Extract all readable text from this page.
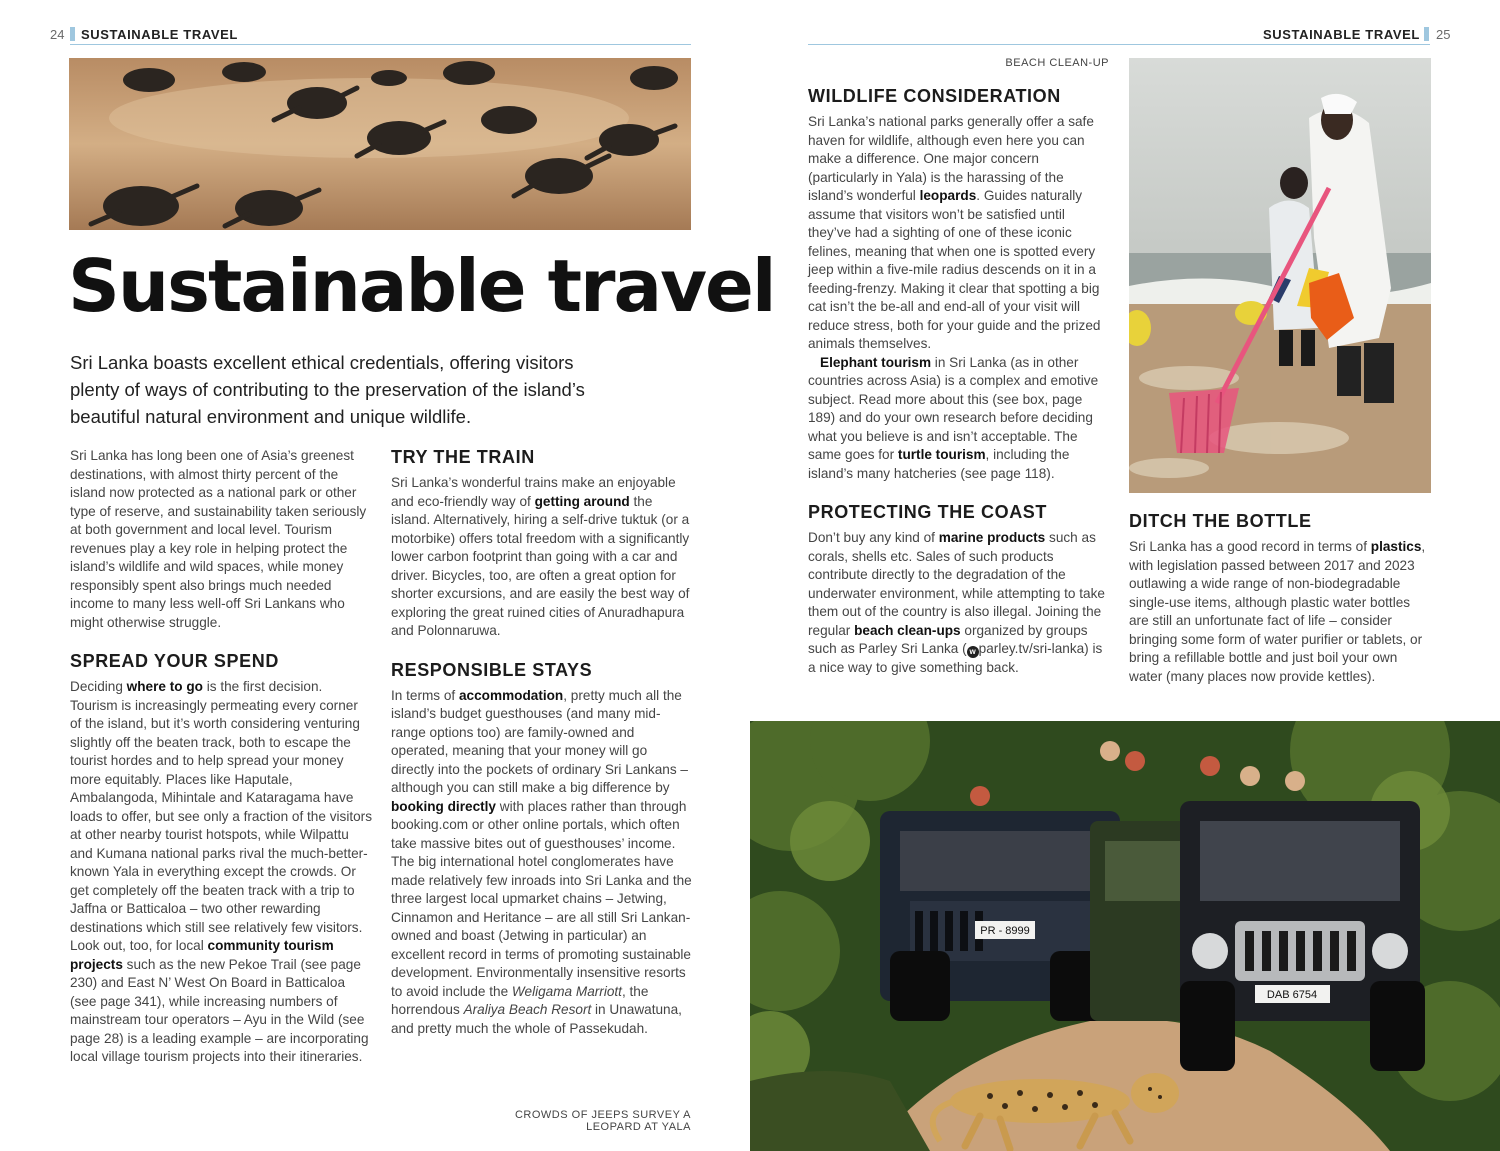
24 SUSTAINABLE TRAVEL
Sustainable travel

Sri Lanka boasts excellent ethical credentials, offering visitors plenty of ways of contributing to the preservation of the island’s beautiful natural environment and unique wildlife.

Sri Lanka has long been one of Asia’s greenest destinations, with almost thirty percent of the island now protected as a national park or other type of reserve, and sustainability taken seriously at both government and local level. Tourism revenues play a key role in helping protect the island’s wildlife and wild spaces, while money responsibly spent also brings much needed income to many less well-off Sri Lankans who might otherwise struggle.

SPREAD YOUR SPEND

Deciding where to go is the first decision. Tourism is increasingly permeating every corner of the island, but it’s worth considering venturing slightly off the beaten track, both to escape the tourist hordes and to help spread your money more equitably. Places like Haputale, Ambalangoda, Mihintale and Kataragama have loads to offer, but see only a fraction of the visitors at other nearby tourist hotspots, while Wilpattu and Kumana national parks rival the much-better-known Yala in everything except the crowds. Or get completely off the beaten track with a trip to Jaffna or Batticaloa – two other rewarding destinations which still see relatively few visitors. Look out, too, for local community tourism projects such as the new Pekoe Trail (see page 230) and East N’ West On Board in Batticaloa (see page 341), while increasing numbers of mainstream tour operators – Ayu in the Wild (see page 28) is a leading example – are incorporating local village tourism projects into their itineraries.

TRY THE TRAIN

Sri Lanka’s wonderful trains make an enjoyable and eco-friendly way of getting around the island. Alternatively, hiring a self-drive tuktuk (or a motorbike) offers total freedom with a significantly lower carbon footprint than going with a car and driver. Bicycles, too, are often a great option for shorter excursions, and are easily the best way of exploring the great ruined cities of Anuradhapura and Polonnaruwa.

RESPONSIBLE STAYS

In terms of accommodation, pretty much all the island’s budget guesthouses (and many mid-range options too) are family-owned and operated, meaning that your money will go directly into the pockets of ordinary Sri Lankans – although you can still make a big difference by booking directly with places rather than through booking.com or other online portals, which often take massive bites out of guesthouses’ income. The big international hotel conglomerates have made relatively few inroads into Sri Lanka and the three largest local upmarket chains – Jetwing, Cinnamon and Heritance – are all still Sri Lankan-owned and boast (Jetwing in particular) an excellent record in terms of promoting sustainable development. Environmentally insensitive resorts to avoid include the Weligama Marriott, the horrendous Araliya Beach Resort in Unawatuna, and pretty much the whole of Passekudah.

CROWDS OF JEEPS SURVEY A LEOPARD AT YALA
SUSTAINABLE TRAVEL 25
BEACH CLEAN-UP
WILDLIFE CONSIDERATION

Sri Lanka’s national parks generally offer a safe haven for wildlife, although even here you can make a difference. One major concern (particularly in Yala) is the harassing of the island’s wonderful leopards. Guides naturally assume that visitors won’t be satisfied until they’ve had a sighting of one of these iconic felines, meaning that when one is spotted every jeep within a five-mile radius descends on it in a feeding-frenzy. Making it clear that spotting a big cat isn’t the be-all and end-all of your visit will reduce stress, both for your guide and the prized animals themselves.

Elephant tourism in Sri Lanka (as in other countries across Asia) is a complex and emotive subject. Read more about this (see box, page 189) and do your own research before deciding what you believe is and isn’t acceptable. The same goes for turtle tourism, including the island’s many hatcheries (see page 118).

PROTECTING THE COAST

Don’t buy any kind of marine products such as corals, shells etc. Sales of such products contribute directly to the degradation of the underwater environment, while attempting to take them out of the country is also illegal. Joining the regular beach clean-ups organized by groups such as Parley Sri Lanka ( w parley.tv/sri-lanka) is a nice way to give something back.

DITCH THE BOTTLE

Sri Lanka has a good record in terms of plastics, with legislation passed between 2017 and 2023 outlawing a wide range of non-biodegradable single-use items, although plastic water bottles are still an unfortunate fact of life – consider bringing some form of water purifier or tablets, or bring a refillable bottle and just boil your own water (many places now provide kettles).

PR - 8999
DAB 6754
